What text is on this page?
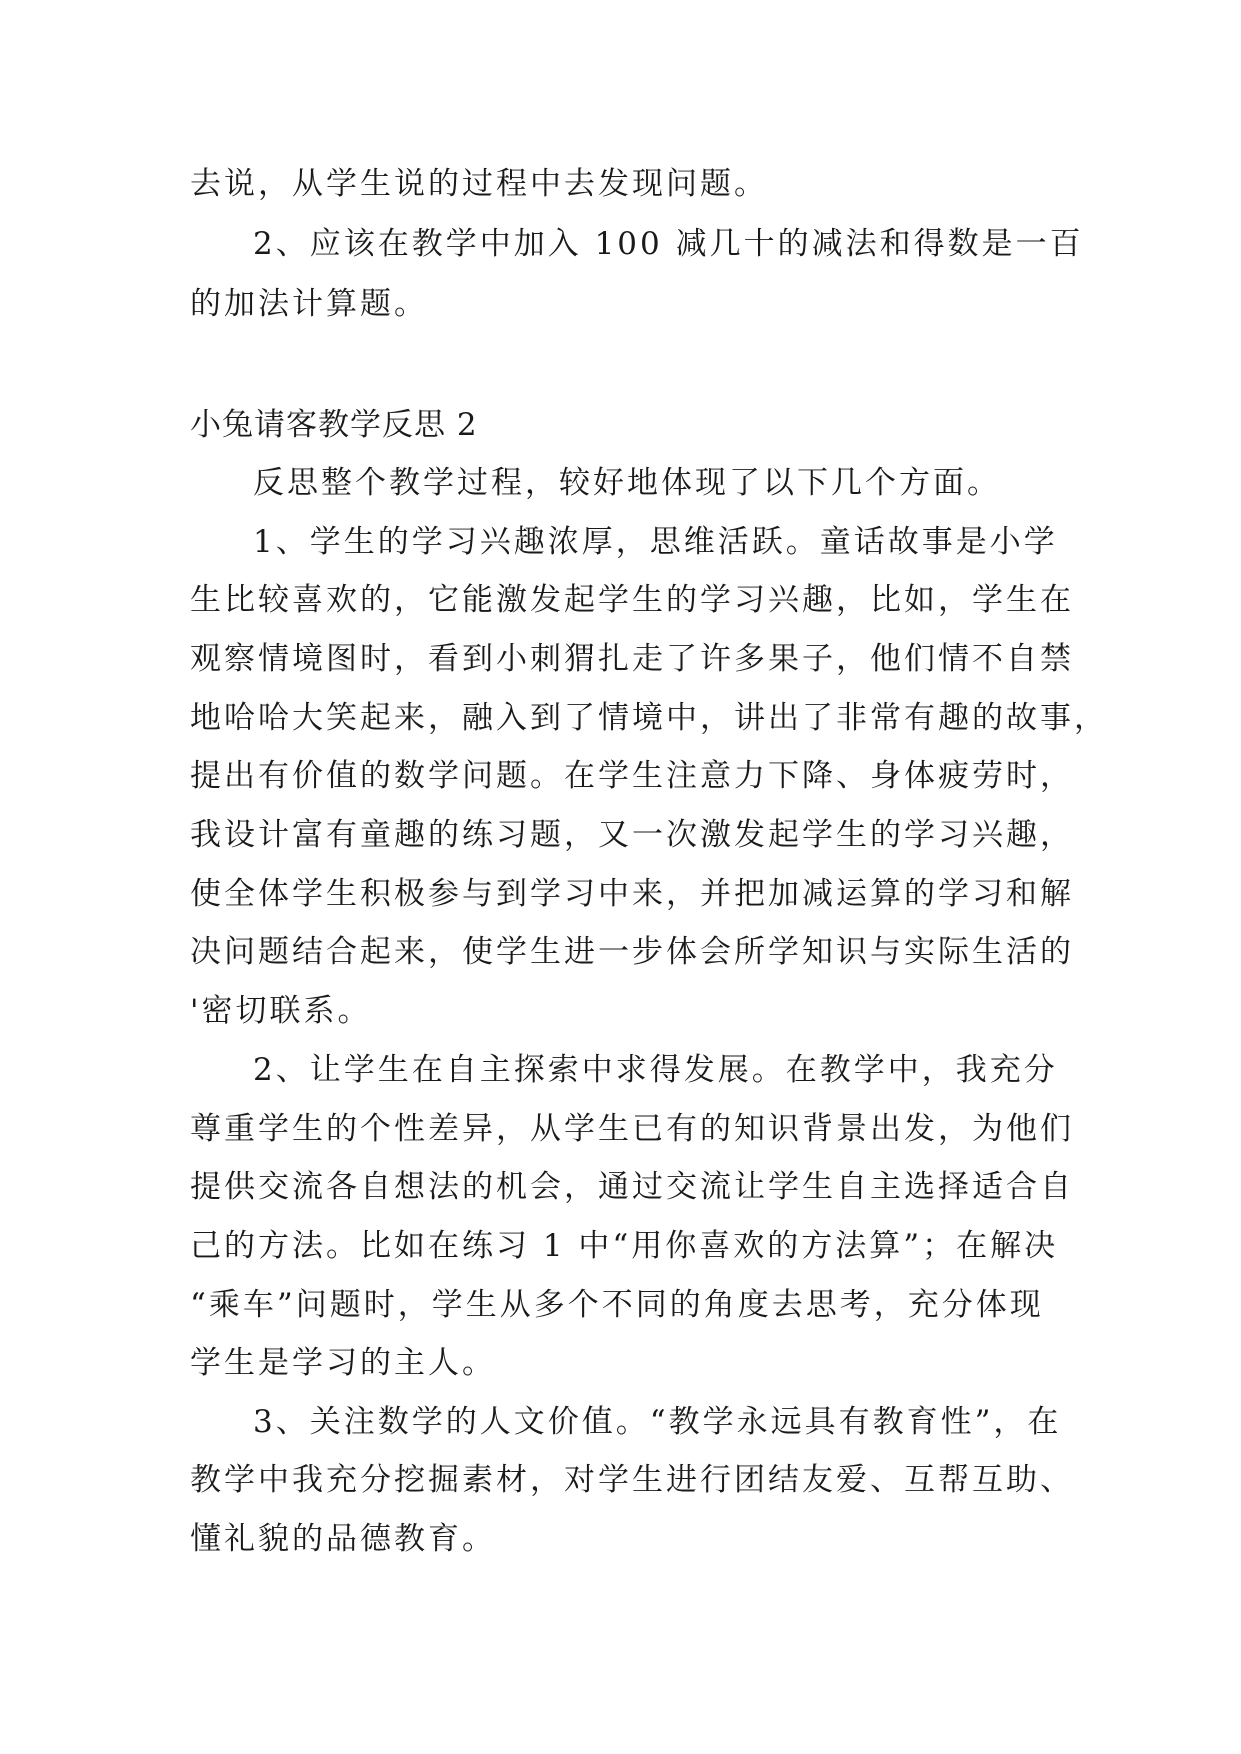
去说，从学生说的过程中去发现问题。
2、应该在教学中加入 100 减几十的减法和得数是一百
的加法计算题。
小兔请客教学反思 2
反思整个教学过程，较好地体现了以下几个方面。
1、学生的学习兴趣浓厚，思维活跃。童话故事是小学
生比较喜欢的，它能激发起学生的学习兴趣，比如，学生在
观察情境图时，看到小刺猬扎走了许多果子，他们情不自禁
地哈哈大笑起来，融入到了情境中，讲出了非常有趣的故事，
提出有价值的数学问题。在学生注意力下降、身体疲劳时，
我设计富有童趣的练习题，又一次激发起学生的学习兴趣，
使全体学生积极参与到学习中来，并把加减运算的学习和解
决问题结合起来，使学生进一步体会所学知识与实际生活的
'密切联系。
2、让学生在自主探索中求得发展。在教学中，我充分
尊重学生的个性差异，从学生已有的知识背景出发，为他们
提供交流各自想法的机会，通过交流让学生自主选择适合自
己的方法。比如在练习 1 中“用你喜欢的方法算”；在解决
“乘车”问题时，学生从多个不同的角度去思考，充分体现
学生是学习的主人。
3、关注数学的人文价值。“教学永远具有教育性”，在
教学中我充分挖掘素材，对学生进行团结友爱、互帮互助、
懂礼貌的品德教育。
